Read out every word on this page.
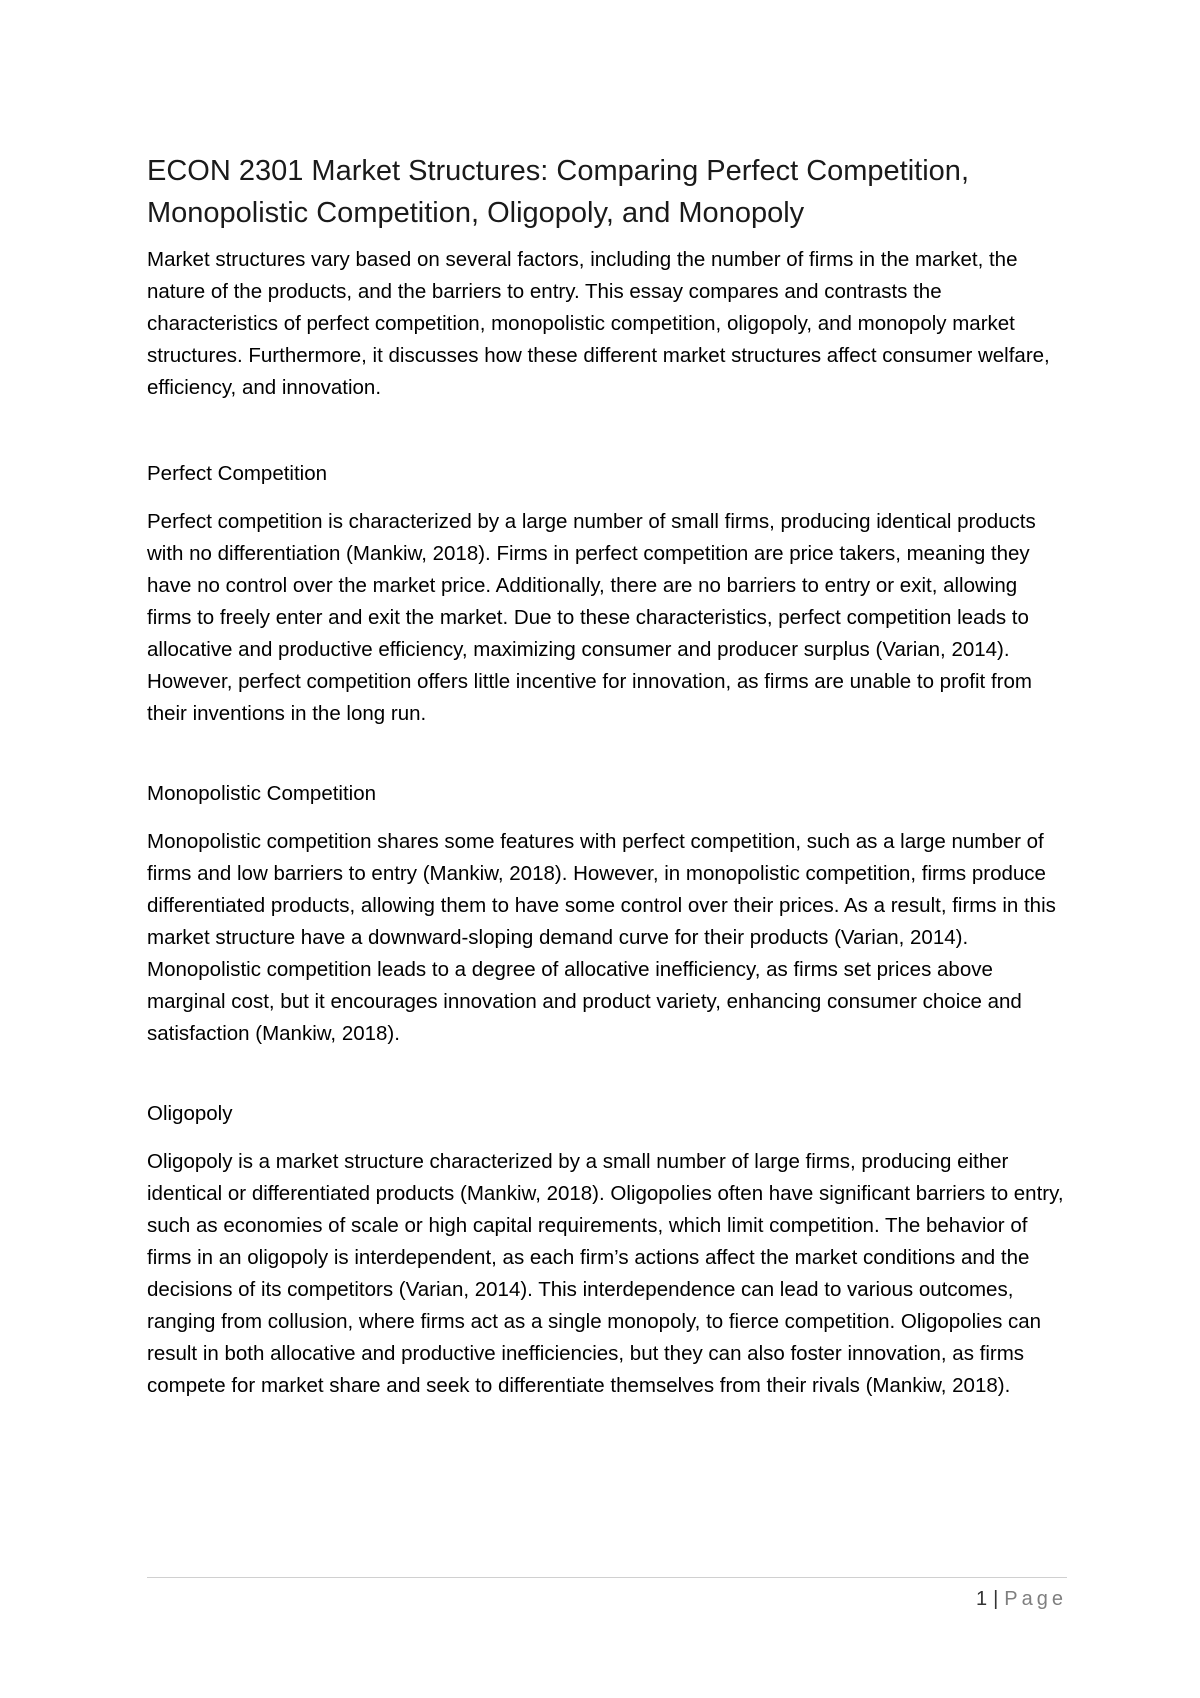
ECON 2301 Market Structures: Comparing Perfect Competition, Monopolistic Competition, Oligopoly, and Monopoly

Market structures vary based on several factors, including the number of firms in the market, the nature of the products, and the barriers to entry. This essay compares and contrasts the characteristics of perfect competition, monopolistic competition, oligopoly, and monopoly market structures. Furthermore, it discusses how these different market structures affect consumer welfare, efficiency, and innovation.

Perfect Competition

Perfect competition is characterized by a large number of small firms, producing identical products with no differentiation (Mankiw, 2018). Firms in perfect competition are price takers, meaning they have no control over the market price. Additionally, there are no barriers to entry or exit, allowing firms to freely enter and exit the market. Due to these characteristics, perfect competition leads to allocative and productive efficiency, maximizing consumer and producer surplus (Varian, 2014). However, perfect competition offers little incentive for innovation, as firms are unable to profit from their inventions in the long run.

Monopolistic Competition

Monopolistic competition shares some features with perfect competition, such as a large number of firms and low barriers to entry (Mankiw, 2018). However, in monopolistic competition, firms produce differentiated products, allowing them to have some control over their prices. As a result, firms in this market structure have a downward-sloping demand curve for their products (Varian, 2014). Monopolistic competition leads to a degree of allocative inefficiency, as firms set prices above marginal cost, but it encourages innovation and product variety, enhancing consumer choice and satisfaction (Mankiw, 2018).

Oligopoly

Oligopoly is a market structure characterized by a small number of large firms, producing either identical or differentiated products (Mankiw, 2018). Oligopolies often have significant barriers to entry, such as economies of scale or high capital requirements, which limit competition. The behavior of firms in an oligopoly is interdependent, as each firm’s actions affect the market conditions and the decisions of its competitors (Varian, 2014). This interdependence can lead to various outcomes, ranging from collusion, where firms act as a single monopoly, to fierce competition. Oligopolies can result in both allocative and productive inefficiencies, but they can also foster innovation, as firms compete for market share and seek to differentiate themselves from their rivals (Mankiw, 2018).

1 | Page
